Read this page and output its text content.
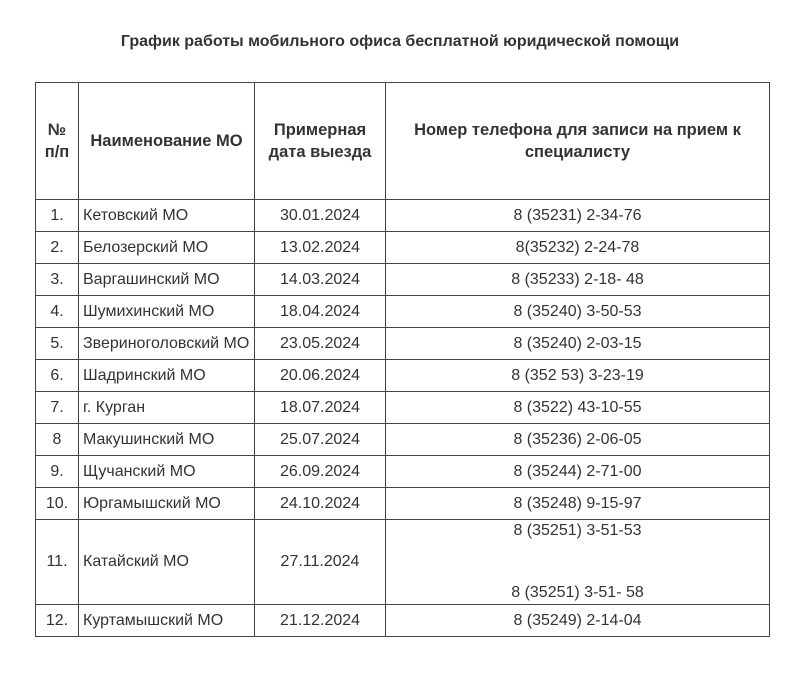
График работы мобильного офиса бесплатной юридической помощи
№ п/п	Наименование МО	Примерная дата выезда	Номер телефона для записи на прием к специалисту
1.	Кетовский МО	30.01.2024	8 (35231) 2-34-76

2.	Белозерский МО	13.02.2024	8(35232) 2-24-78

3.	Варгашинский МО	14.03.2024	8 (35233) 2-18- 48

4.	Шумихинский МО	18.04.2024	8 (35240) 3-50-53

5.	Звериноголовский МО	23.05.2024	8 (35240) 2-03-15

6.	Шадринский МО	20.06.2024	8 (352 53) 3-23-19

7.	г. Курган	18.07.2024	8 (3522) 43-10-55

8	Макушинский МО	25.07.2024	8 (35236) 2-06-05

9.	Щучанский МО	26.09.2024	8 (35244) 2-71-00

10.	Юргамышский МО	24.10.2024	8 (35248) 9-15-97

11.	Катайский МО	27.11.2024	8 (35251) 3-51-53
8 (35251) 3-51- 58

12.	Куртамышский МО	21.12.2024	8 (35249) 2-14-04
